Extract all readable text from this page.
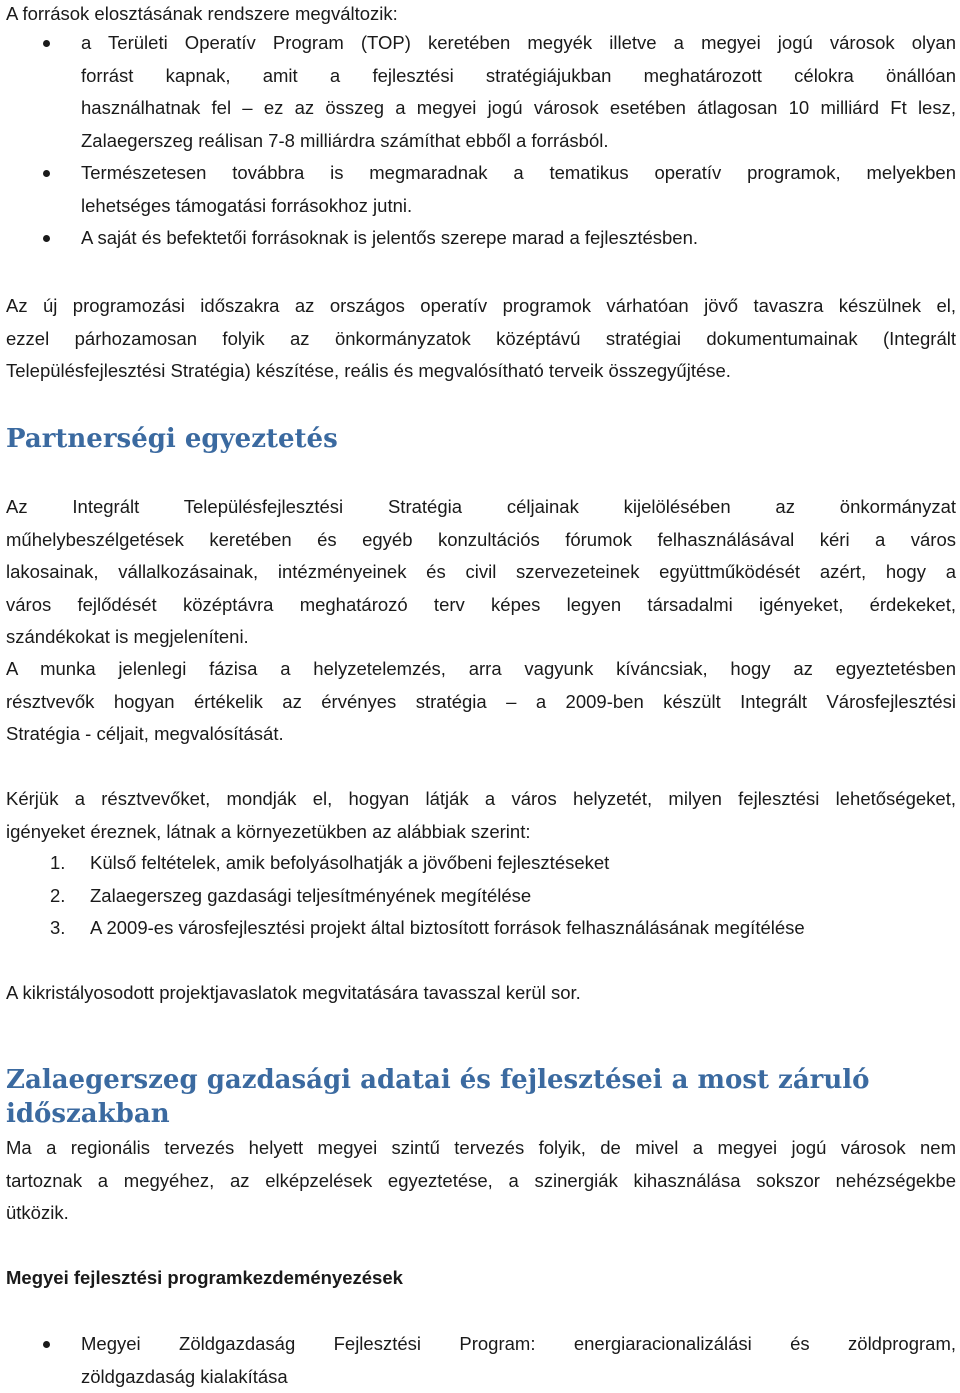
A források elosztásának rendszere megváltozik:

a Területi Operatív Program (TOP) keretében megyék illetve a megyei jogú városok olyan
forrást kapnak, amit a fejlesztési stratégiájukban meghatározott célokra önállóan
használhatnak fel – ez az összeg a megyei jogú városok esetében átlagosan 10 milliárd Ft lesz,
Zalaegerszeg reálisan 7-8 milliárdra számíthat ebből a forrásból.
Természetesen továbbra is megmaradnak a tematikus operatív programok, melyekben
lehetséges támogatási forrásokhoz jutni.
A saját és befektetői forrásoknak is jelentős szerepe marad a fejlesztésben.

Az új programozási időszakra az országos operatív programok várhatóan jövő tavaszra készülnek el,
ezzel párhozamosan folyik az önkormányzatok középtávú stratégiai dokumentumainak (Integrált
Településfejlesztési Stratégia) készítése, reális és megvalósítható terveik összegyűjtése.

Partnerségi egyeztetés

Az Integrált Településfejlesztési Stratégia céljainak kijelölésében az önkormányzat
műhelybeszélgetések keretében és egyéb konzultációs fórumok felhasználásával kéri a város
lakosainak, vállalkozásainak, intézményeinek és civil szervezeteinek együttműködését azért, hogy a
város fejlődését középtávra meghatározó terv képes legyen társadalmi igényeket, érdekeket,
szándékokat is megjeleníteni.

A munka jelenlegi fázisa a helyzetelemzés, arra vagyunk kíváncsiak, hogy az egyeztetésben
résztvevők hogyan értékelik az érvényes stratégia – a 2009-ben készült Integrált Városfejlesztési
Stratégia - céljait, megvalósítását.

Kérjük a résztvevőket, mondják el, hogyan látják a város helyzetét, milyen fejlesztési lehetőségeket,
igényeket éreznek, látnak a környezetükben az alábbiak szerint:

1. Külső feltételek, amik befolyásolhatják a jövőbeni fejlesztéseket
2. Zalaegerszeg gazdasági teljesítményének megítélése
3. A 2009-es városfejlesztési projekt által biztosított források felhasználásának megítélése

A kikristályosodott projektjavaslatok megvitatására tavasszal kerül sor.

Zalaegerszeg gazdasági adatai és fejlesztései a most záruló időszakban

Ma a regionális tervezés helyett megyei szintű tervezés folyik, de mivel a megyei jogú városok nem
tartoznak a megyéhez, az elképzelések egyeztetése, a szinergiák kihasználása sokszor nehézségekbe
ütközik.

Megyei fejlesztési programkezdeményezések

Megyei Zöldgazdaság Fejlesztési Program: energiaracionalizálási és zöldprogram,
zöldgazdaság kialakítása
